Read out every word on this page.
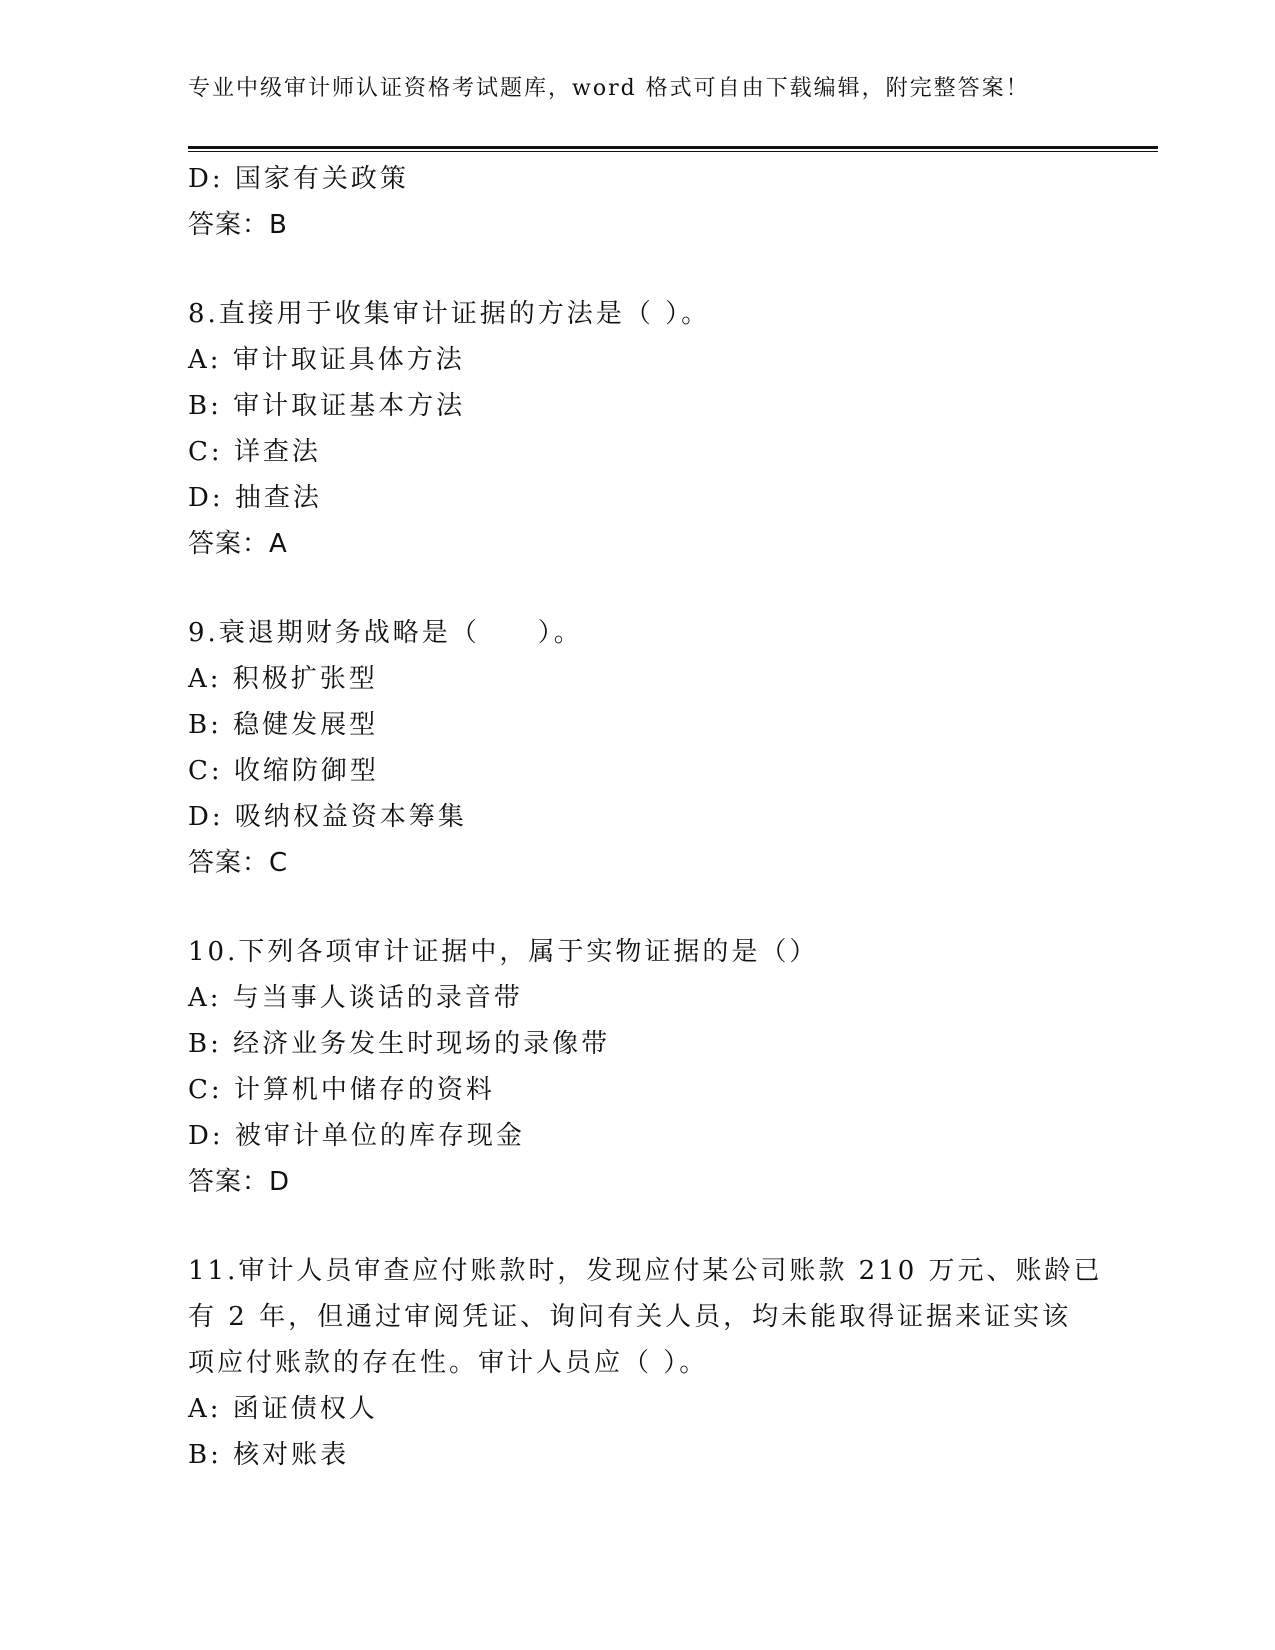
专业中级审计师认证资格考试题库，word 格式可自由下载编辑，附完整答案！
D: 国家有关政策
答案：B
8.直接用于收集审计证据的方法是（ ）。
A: 审计取证具体方法
B: 审计取证基本方法
C: 详查法
D: 抽查法
答案：A
9.衰退期财务战略是（　　）。
A: 积极扩张型
B: 稳健发展型
C: 收缩防御型
D: 吸纳权益资本筹集
答案：C
10.下列各项审计证据中，属于实物证据的是（）
A: 与当事人谈话的录音带
B: 经济业务发生时现场的录像带
C: 计算机中储存的资料
D: 被审计单位的库存现金
答案：D
11.审计人员审查应付账款时，发现应付某公司账款 210 万元、账龄已
有 2 年，但通过审阅凭证、询问有关人员，均未能取得证据来证实该
项应付账款的存在性。审计人员应（ ）。
A: 函证债权人
B: 核对账表
